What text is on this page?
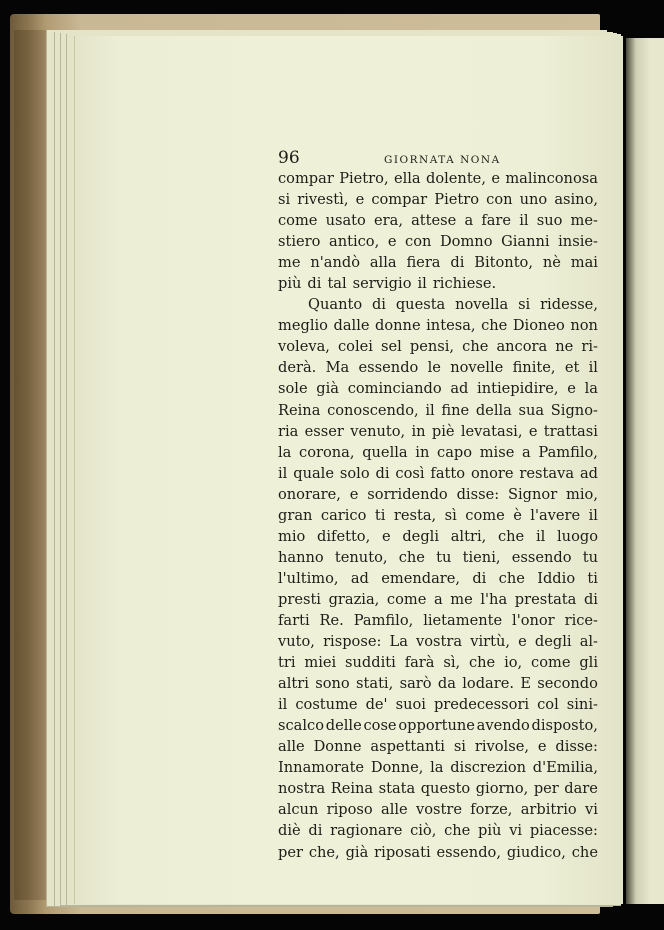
96	GIORNATA NONA
compar Pietro, ella dolente, e malinconosa
si rivestì, e compar Pietro con uno asino,
come usato era, attese a fare il suo me-
stiero antico, e con Domno Gianni insie-
me n'andò alla fiera di Bitonto, nè mai
più di tal servigio il richiese.
Quanto di questa novella si ridesse,
meglio dalle donne intesa, che Dioneo non
voleva, colei sel pensi, che ancora ne ri-
derà. Ma essendo le novelle finite, et il
sole già cominciando ad intiepidire, e la
Reina conoscendo, il fine della sua Signo-
ria esser venuto, in piè levatasi, e trattasi
la corona, quella in capo mise a Pamfilo,
il quale solo di così fatto onore restava ad
onorare, e sorridendo disse: Signor mio,
gran carico ti resta, sì come è l'avere il
mio difetto, e degli altri, che il luogo
hanno tenuto, che tu tieni, essendo tu
l'ultimo, ad emendare, di che Iddio ti
presti grazia, come a me l'ha prestata di
farti Re. Pamfilo, lietamente l'onor rice-
vuto, rispose: La vostra virtù, e degli al-
tri miei sudditi farà sì, che io, come gli
altri sono stati, sarò da lodare. E secondo
il costume de' suoi predecessori col sini-
scalco delle cose opportune avendo disposto,
alle Donne aspettanti si rivolse, e disse:
Innamorate Donne, la discrezion d'Emilia,
nostra Reina stata questo giorno, per dare
alcun riposo alle vostre forze, arbitrio vi
diè di ragionare ciò, che più vi piacesse:
per che, già riposati essendo, giudico, che
